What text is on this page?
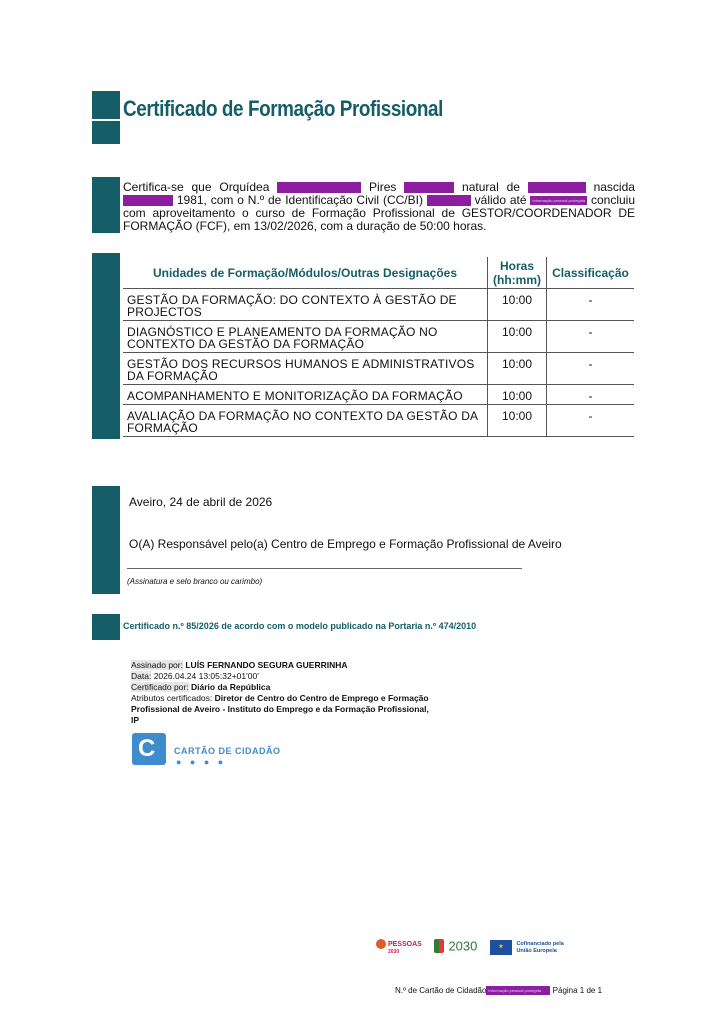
Certificado de Formação Profissional
Certifica-se que Orquídea	Pires	natural de	nascida  1981, com o N.º de Identificação Civil (CC/BI)	válido até Informação pessoal protegida concluiu com aproveitamento o curso de Formação Profissional de GESTOR/COORDENADOR DE FORMAÇÃO (FCF), em 13/02/2026, com a duração de 50:00 horas.
Unidades de Formação/Módulos/Outras Designações	Horas (hh:mm)	Classificação
GESTÃO DA FORMAÇÃO: DO CONTEXTO À GESTÃO DE PROJECTOS	10:00	-
DIAGNÓSTICO E PLANEAMENTO DA FORMAÇÃO NO CONTEXTO DA GESTÃO DA FORMAÇÃO	10:00	-
GESTÃO DOS RECURSOS HUMANOS E ADMINISTRATIVOS DA FORMAÇÃO	10:00	-
ACOMPANHAMENTO E MONITORIZAÇÃO DA FORMAÇÃO	10:00	-
AVALIAÇÃO DA FORMAÇÃO NO CONTEXTO DA GESTÃO DA FORMAÇÃO	10:00	-
Aveiro, 24 de abril de 2026
O(A) Responsável pelo(a) Centro de Emprego e Formação Profissional de Aveiro
(Assinatura e selo branco ou carimbo)
Certificado n.º 85/2026 de acordo com o modelo publicado na Portaria n.º 474/2010
Assinado por: LUÍS FERNANDO SEGURA GUERRINHA
Data: 2026.04.24 13:05:32+01'00'
Certificado por: Diário da República
Atributos certificados: Diretor de Centro do Centro de Emprego e Formação Profissional de Aveiro - Instituto do Emprego e da Formação Profissional, IP
C CARTÃO DE CIDADÃO
● ● ● ●
PESSOAS
2030	2030	★ Cofinanciado pela
União Europeia
N.º de Cartão de Cidadão Informação pessoal protegida Página 1 de 1
